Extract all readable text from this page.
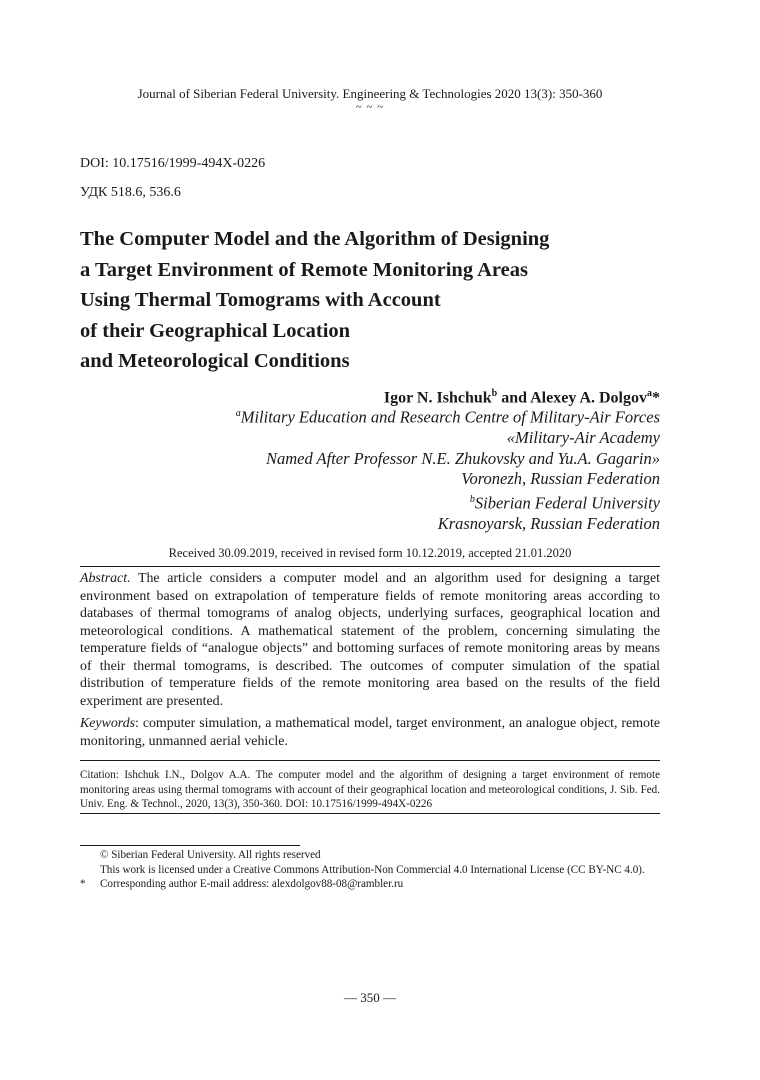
Journal of Siberian Federal University. Engineering & Technologies 2020 13(3): 350-360
~ ~ ~
DOI: 10.17516/1999-494X-0226
УДК 518.6, 536.6
The Computer Model and the Algorithm of Designing
a Target Environment of Remote Monitoring Areas
Using Thermal Tomograms with Account
of their Geographical Location
and Meteorological Conditions
Igor N. Ishchuk$^b$ and Alexey A. Dolgov$^a$*
$^a$Military Education and Research Centre of Military-Air Forces
«Military-Air Academy
Named After Professor N.E. Zhukovsky and Yu.A. Gagarin»
Voronezh, Russian Federation
$^b$Siberian Federal University
Krasnoyarsk, Russian Federation
Received 30.09.2019, received in revised form 10.12.2019, accepted 21.01.2020
Abstract. The article considers a computer model and an algorithm used for designing a target environment based on extrapolation of temperature fields of remote monitoring areas according to databases of thermal tomograms of analog objects, underlying surfaces, geographical location and meteorological conditions. A mathematical statement of the problem, concerning simulating the temperature fields of “analogue objects” and bottoming surfaces of remote monitoring areas by means of their thermal tomograms, is described. The outcomes of computer simulation of the spatial distribution of temperature fields of the remote monitoring area based on the results of the field experiment are presented.
Keywords: computer simulation, a mathematical model, target environment, an analogue object, remote monitoring, unmanned aerial vehicle.
Citation: Ishchuk I.N., Dolgov A.A. The computer model and the algorithm of designing a target environment of remote monitoring areas using thermal tomograms with account of their geographical location and meteorological conditions, J. Sib. Fed. Univ. Eng. & Technol., 2020, 13(3), 350-360. DOI: 10.17516/1999-494X-0226
© Siberian Federal University. All rights reserved
This work is licensed under a Creative Commons Attribution-Non Commercial 4.0 International License (CC BY-NC 4.0).
*	Corresponding author E-mail address: alexdolgov88-08@rambler.ru
— 350 —
